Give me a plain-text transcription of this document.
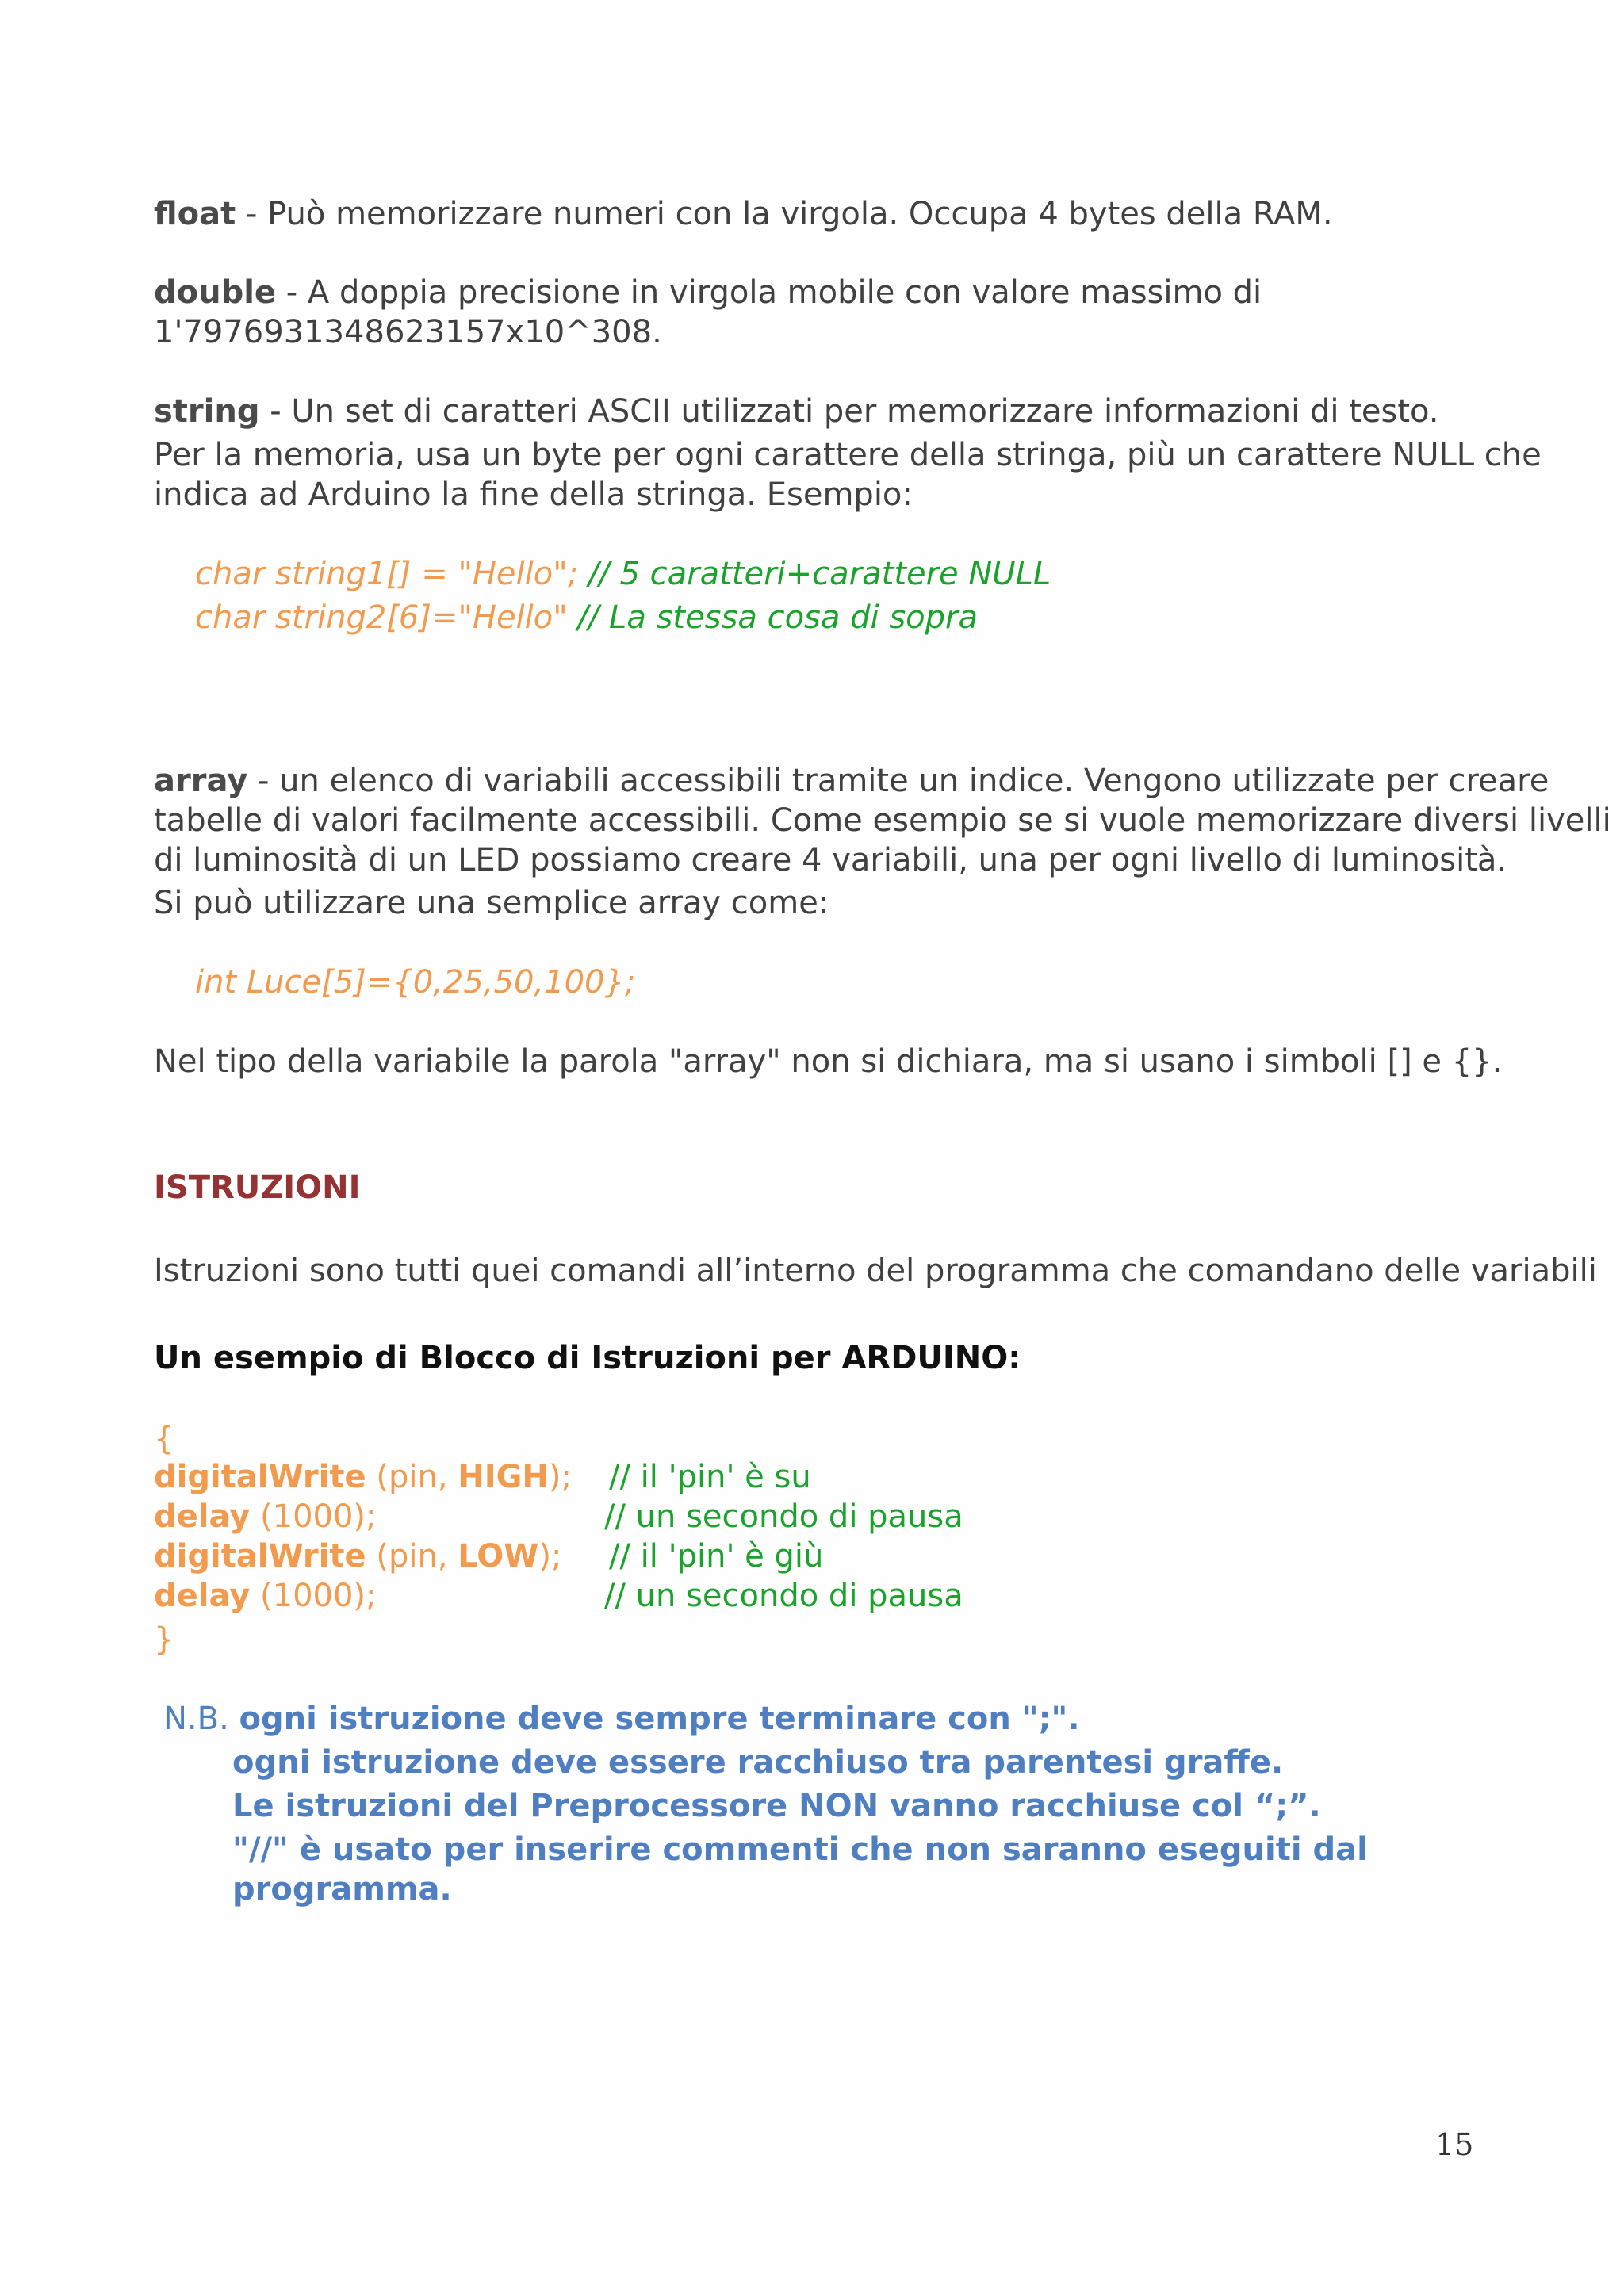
float - Può memorizzare numeri con la virgola. Occupa 4 bytes della RAM.
double - A doppia precisione in virgola mobile con valore massimo di
1'7976931348623157x10^308.
string - Un set di caratteri ASCII utilizzati per memorizzare informazioni di testo.
Per la memoria, usa un byte per ogni carattere della stringa, più un carattere NULL che
indica ad Arduino la fine della stringa. Esempio:
char string1[] = "Hello"; // 5 caratteri+carattere NULL
char string2[6]="Hello" // La stessa cosa di sopra
array - un elenco di variabili accessibili tramite un indice. Vengono utilizzate per creare
tabelle di valori facilmente accessibili. Come esempio se si vuole memorizzare diversi livelli
di luminosità di un LED possiamo creare 4 variabili, una per ogni livello di luminosità.
Si può utilizzare una semplice array come:
int Luce[5]={0,25,50,100};
Nel tipo della variabile la parola "array" non si dichiara, ma si usano i simboli [] e {}.
ISTRUZIONI
Istruzioni sono tutti quei comandi all’interno del programma che comandano delle variabili
Un esempio di Blocco di Istruzioni per ARDUINO:
{
digitalWrite (pin, HIGH); // il 'pin' è su
delay (1000);	// un secondo di pausa
digitalWrite (pin, LOW); // il 'pin' è giù
delay (1000);	// un secondo di pausa
}
N.B. ogni istruzione deve sempre terminare con ";".
ogni istruzione deve essere racchiuso tra parentesi graffe.
Le istruzioni del Preprocessore NON vanno racchiuse col “;”.
"//" è usato per inserire commenti che non saranno eseguiti dal
programma.
15
